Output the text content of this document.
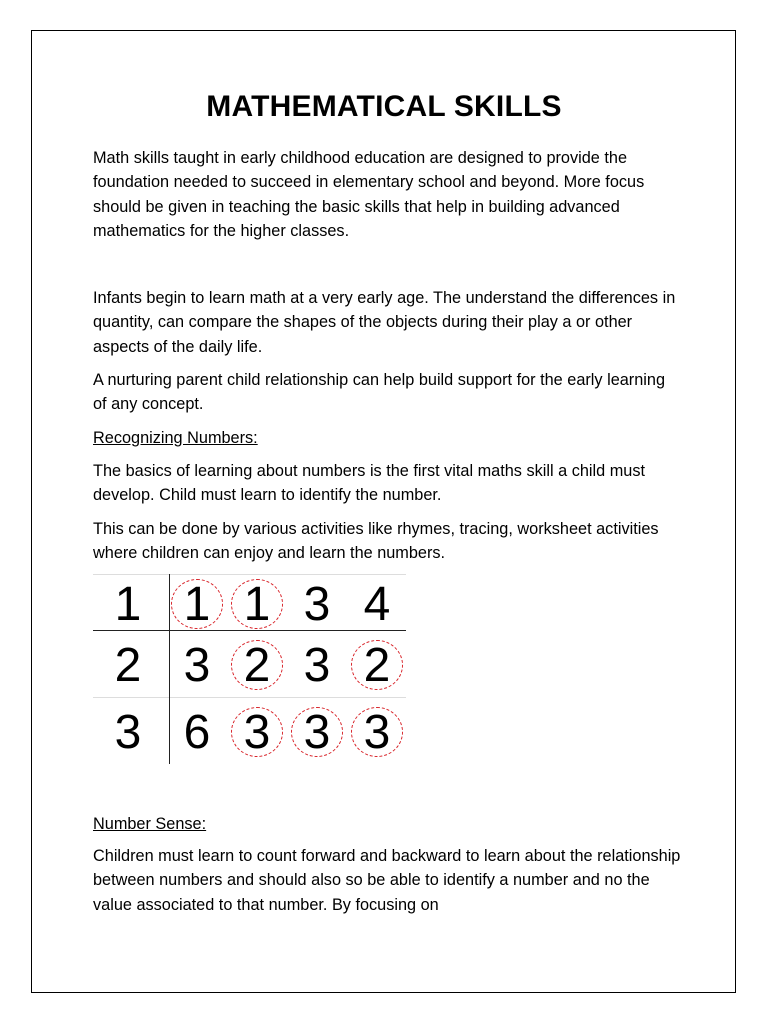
MATHEMATICAL SKILLS

Math skills taught in early childhood education are designed to provide the foundation needed to succeed in elementary school and beyond. More focus should be given in teaching the basic skills that help in building advanced mathematics for the higher classes.

Infants begin to learn math at a very early age. The understand the differences in quantity, can compare the shapes of the objects during their play a or other aspects of the daily life.

A nurturing parent child relationship can help build support for the early learning of any concept.

Recognizing Numbers:

The basics of learning about numbers is the first vital maths skill a child must develop. Child must learn to identify the number.

This can be done by various activities like rhymes, tracing, worksheet activities where children can enjoy and learn the numbers.

1 1 1 3 4
2 3 2 3 2
3 6 3 3 3

Number Sense:

Children must learn to count forward and backward to learn about the relationship between numbers and should also so be able to identify a number and no the value associated to that number. By focusing on
